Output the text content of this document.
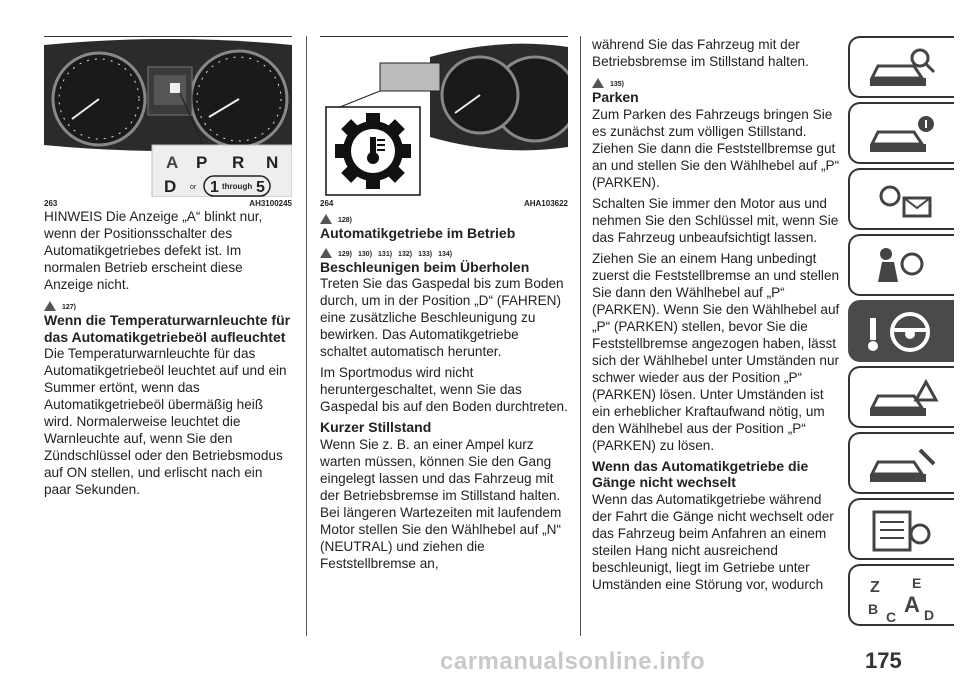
A P R N
D or 1 through 5
263	AH3100245

HINWEIS Die Anzeige „A“ blinkt nur, wenn der Positionsschalter des Automatikgetriebes defekt ist. Im normalen Betrieb erscheint diese Anzeige nicht.

127)
Wenn die Temperaturwarnleuchte für das Automatikgetriebeöl aufleuchtet

Die Temperaturwarnleuchte für das Automatikgetriebeöl leuchtet auf und ein Summer ertönt, wenn das Automatikgetriebeöl übermäßig heiß wird. Normalerweise leuchtet die Warnleuchte auf, wenn Sie den Zündschlüssel oder den Betriebsmodus auf ON stellen, und erlischt nach ein paar Sekunden.

264	AHA103622
128)
Automatikgetriebe im Betrieb
129) 130) 131) 132) 133) 134)
Beschleunigen beim Überholen

Treten Sie das Gaspedal bis zum Boden durch, um in der Position „D“ (FAHREN) eine zusätzliche Beschleunigung zu bewirken. Das Automatikgetriebe schaltet automatisch herunter.

Im Sportmodus wird nicht heruntergeschaltet, wenn Sie das Gaspedal bis auf den Boden durchtreten.

Kurzer Stillstand

Wenn Sie z. B. an einer Ampel kurz warten müssen, können Sie den Gang eingelegt lassen und das Fahrzeug mit der Betriebsbremse im Stillstand halten. Bei längeren Wartezeiten mit laufendem Motor stellen Sie den Wählhebel auf „N“ (NEUTRAL) und ziehen die Feststellbremse an,

während Sie das Fahrzeug mit der Betriebsbremse im Stillstand halten.

135)
Parken

Zum Parken des Fahrzeugs bringen Sie es zunächst zum völligen Stillstand. Ziehen Sie dann die Feststellbremse gut an und stellen Sie den Wählhebel auf „P“ (PARKEN).

Schalten Sie immer den Motor aus und nehmen Sie den Schlüssel mit, wenn Sie das Fahrzeug unbeaufsichtigt lassen.

Ziehen Sie an einem Hang unbedingt zuerst die Feststellbremse an und stellen Sie dann den Wählhebel auf „P“ (PARKEN). Wenn Sie den Wählhebel auf „P“ (PARKEN) stellen, bevor Sie die Feststellbremse angezogen haben, lässt sich der Wählhebel unter Umständen nur schwer wieder aus der Position „P“ (PARKEN) lösen. Unter Umständen ist ein erheblicher Kraftaufwand nötig, um den Wählhebel aus der Position „P“ (PARKEN) zu lösen.

Wenn das Automatikgetriebe die Gänge nicht wechselt

Wenn das Automatikgetriebe während der Fahrt die Gänge nicht wechselt oder das Fahrzeug beim Anfahren an einem steilen Hang nicht ausreichend beschleunigt, liegt im Getriebe unter Umständen eine Störung vor, wodurch	Z E
B A
C D
carmanualsonline.info	175
